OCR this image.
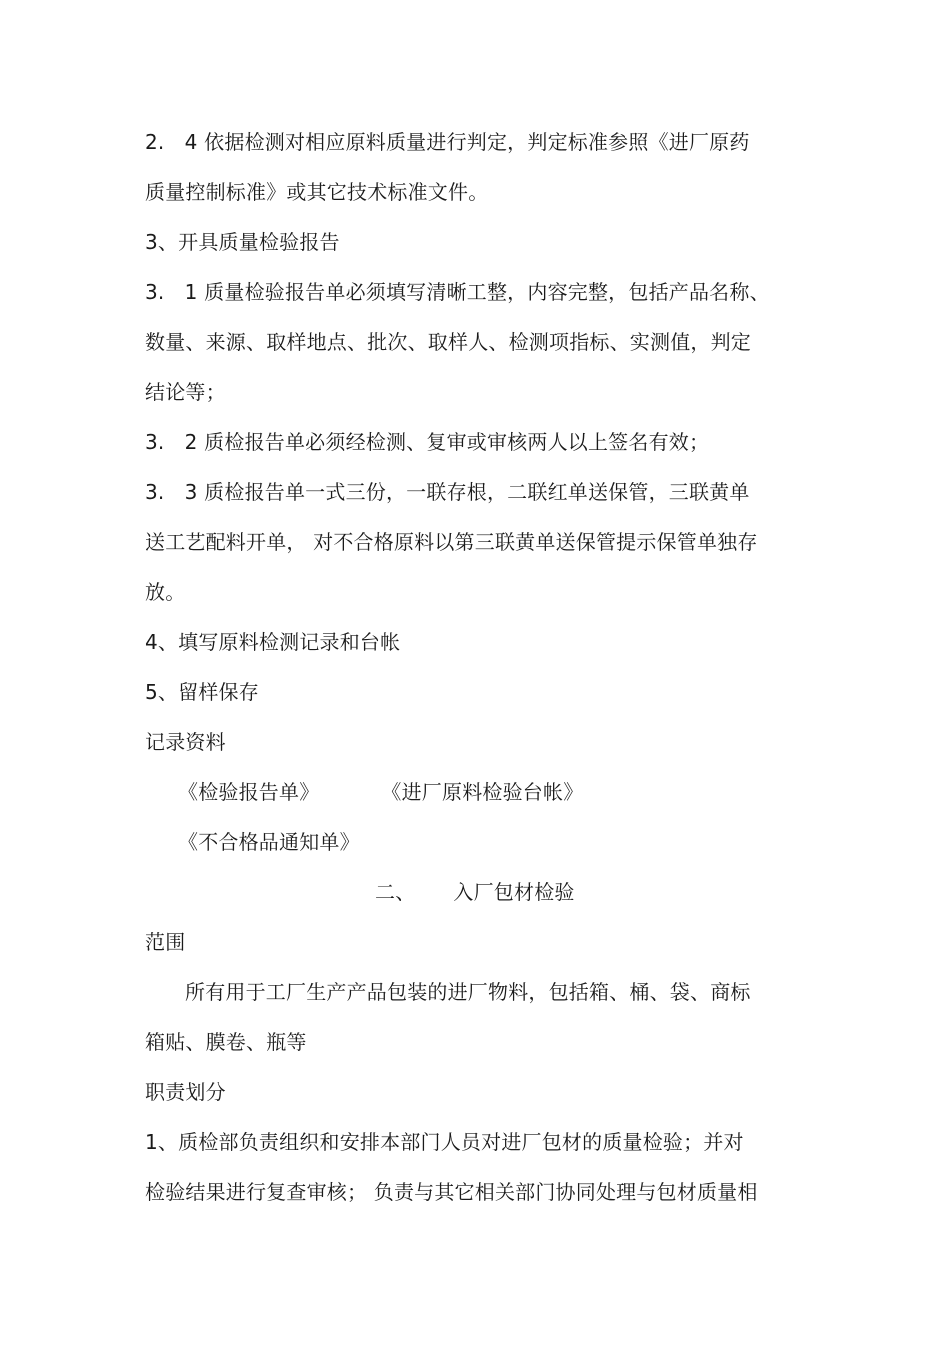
2.　4 依据检测对相应原料质量进行判定，判定标准参照《进厂原药
质量控制标准》或其它技术标准文件。
3、开具质量检验报告
3.　1 质量检验报告单必须填写清晰工整，内容完整，包括产品名称、
数量、来源、取样地点、批次、取样人、检测项指标、实测值，判定
结论等；
3.　2 质检报告单必须经检测、复审或审核两人以上签名有效；
3.　3 质检报告单一式三份，一联存根，二联红单送保管，三联黄单
送工艺配料开单， 对不合格原料以第三联黄单送保管提示保管单独存
放。
4、填写原料检测记录和台帐
5、留样保存
记录资料
《检验报告单》	《进厂原料检验台帐》
《不合格品通知单》
二、 入厂包材检验
范围
所有用于工厂生产产品包装的进厂物料，包括箱、桶、袋、商标
箱贴、膜卷、瓶等
职责划分
1、质检部负责组织和安排本部门人员对进厂包材的质量检验；并对
检验结果进行复查审核； 负责与其它相关部门协同处理与包材质量相
